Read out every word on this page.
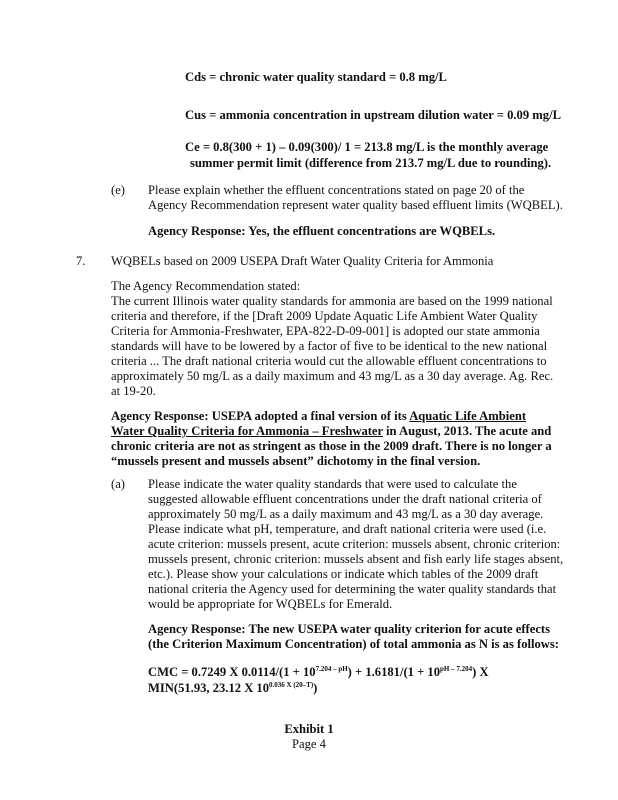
Cds = chronic water quality standard = 0.8 mg/L
Cus = ammonia concentration in upstream dilution water = 0.09 mg/L
Ce = 0.8(300 + 1) – 0.09(300)/ 1 = 213.8 mg/L is the monthly average
summer permit limit (difference from 213.7 mg/L due to rounding).
(e) Please explain whether the effluent concentrations stated on page 20 of the
Agency Recommendation represent water quality based effluent limits (WQBEL).
Agency Response: Yes, the effluent concentrations are WQBELs.
7. WQBELs based on 2009 USEPA Draft Water Quality Criteria for Ammonia
The Agency Recommendation stated:
The current Illinois water quality standards for ammonia are based on the 1999 national
criteria and therefore, if the [Draft 2009 Update Aquatic Life Ambient Water Quality
Criteria for Ammonia-Freshwater, EPA-822-D-09-001] is adopted our state ammonia
standards will have to be lowered by a factor of five to be identical to the new national
criteria ... The draft national criteria would cut the allowable effluent concentrations to
approximately 50 mg/L as a daily maximum and 43 mg/L as a 30 day average. Ag. Rec.
at 19-20.
Agency Response: USEPA adopted a final version of its Aquatic Life Ambient
Water Quality Criteria for Ammonia – Freshwater in August, 2013. The acute and
chronic criteria are not as stringent as those in the 2009 draft. There is no longer a
“mussels present and mussels absent” dichotomy in the final version.
(a) Please indicate the water quality standards that were used to calculate the
suggested allowable effluent concentrations under the draft national criteria of
approximately 50 mg/L as a daily maximum and 43 mg/L as a 30 day average.
Please indicate what pH, temperature, and draft national criteria were used (i.e.
acute criterion: mussels present, acute criterion: mussels absent, chronic criterion:
mussels present, chronic criterion: mussels absent and fish early life stages absent,
etc.). Please show your calculations or indicate which tables of the 2009 draft
national criteria the Agency used for determining the water quality standards that
would be appropriate for WQBELs for Emerald.
Agency Response: The new USEPA water quality criterion for acute effects
(the Criterion Maximum Concentration) of total ammonia as N is as follows:
CMC = 0.7249 X $0.0114/(1 + 10^{7.204 - pH}) + 1.6181/(1 + 10^{pH - 7.204})$ X
MIN(51.93, 23.12 X $10^{0.036 X (20-T)}$)
Exhibit 1
Page 4
